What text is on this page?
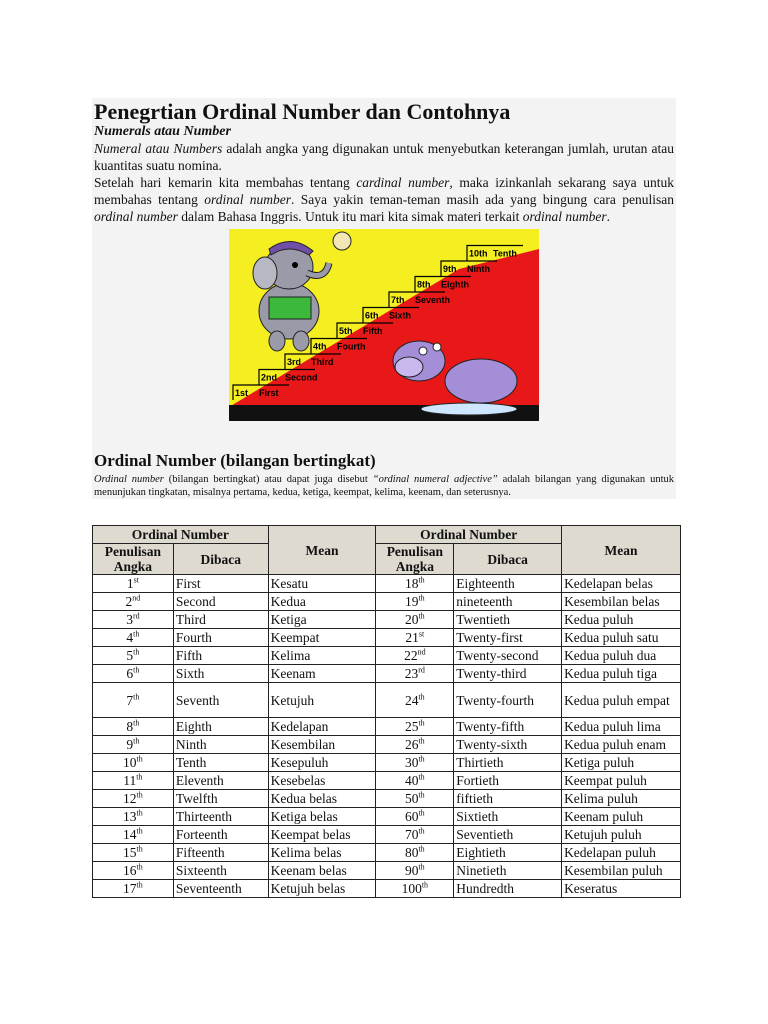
Penegrtian Ordinal Number dan Contohnya
Numerals atau Number
Numeral atau Numbers adalah angka yang digunakan untuk menyebutkan keterangan jumlah, urutan atau kuantitas suatu nomina.
Setelah hari kemarin kita membahas tentang cardinal number, maka izinkanlah sekarang saya untuk membahas tentang ordinal number. Saya yakin teman-teman masih ada yang bingung cara penulisan ordinal number dalam Bahasa Inggris. Untuk itu mari kita simak materi terkait ordinal number.
1st First
2nd Second
3rd Third
4th Fourth
5th Fifth
6th Sixth
7th Seventh
8th Eighth
9th Ninth
10th Tenth
Ordinal Number (bilangan bertingkat)
Ordinal number (bilangan bertingkat) atau dapat juga disebut “ordinal numeral adjective” adalah bilangan yang digunakan untuk menunjukan tingkatan, misalnya pertama, kedua, ketiga, keempat, kelima, keenam, dan seterusnya.
Ordinal Number		Mean	Ordinal Number		Mean
Penulisan Angka	Dibaca		Penulisan Angka	Dibaca	
1st	First	Kesatu	18th	Eighteenth	Kedelapan belas
2nd	Second	Kedua	19th	nineteenth	Kesembilan belas
3rd	Third	Ketiga	20th	Twentieth	Kedua puluh
4th	Fourth	Keempat	21st	Twenty-first	Kedua puluh satu
5th	Fifth	Kelima	22nd	Twenty-second	Kedua puluh dua
6th	Sixth	Keenam	23rd	Twenty-third	Kedua puluh tiga
7th	Seventh	Ketujuh	24th	Twenty-fourth	Kedua puluh empat
8th	Eighth	Kedelapan	25th	Twenty-fifth	Kedua puluh lima
9th	Ninth	Kesembilan	26th	Twenty-sixth	Kedua puluh enam
10th	Tenth	Kesepuluh	30th	Thirtieth	Ketiga puluh
11th	Eleventh	Kesebelas	40th	Fortieth	Keempat puluh
12th	Twelfth	Kedua belas	50th	fiftieth	Kelima puluh
13th	Thirteenth	Ketiga belas	60th	Sixtieth	Keenam puluh
14th	Forteenth	Keempat belas	70th	Seventieth	Ketujuh puluh
15th	Fifteenth	Kelima belas	80th	Eightieth	Kedelapan puluh
16th	Sixteenth	Keenam belas	90th	Ninetieth	Kesembilan puluh
17th	Seventeenth	Ketujuh belas	100th	Hundredth	Keseratus
